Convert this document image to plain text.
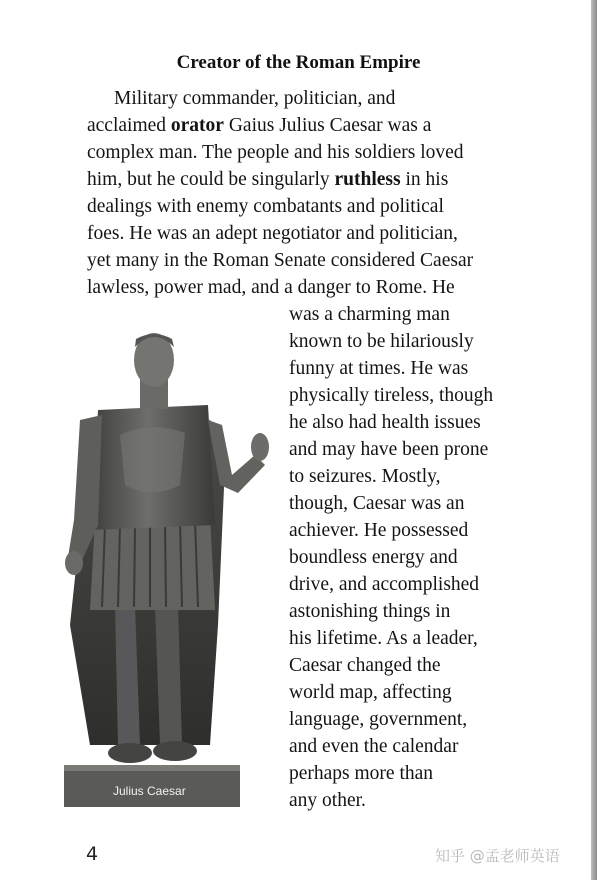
Creator of the Roman Empire
Military commander, politician, and
acclaimed orator Gaius Julius Caesar was a
complex man. The people and his soldiers loved
him, but he could be singularly ruthless in his
dealings with enemy combatants and political
foes. He was an adept negotiator and politician,
yet many in the Roman Senate considered Caesar
lawless, power mad, and a danger to Rome. He
was a charming man
known to be hilariously
funny at times. He was
physically tireless, though
he also had health issues
and may have been prone
to seizures. Mostly,
though, Caesar was an
achiever. He possessed
boundless energy and
drive, and accomplished
astonishing things in
his lifetime. As a leader,
Caesar changed the
world map, affecting
language, government,
and even the calendar
perhaps more than
any other.
Julius Caesar
4	知乎 @孟老师英语
